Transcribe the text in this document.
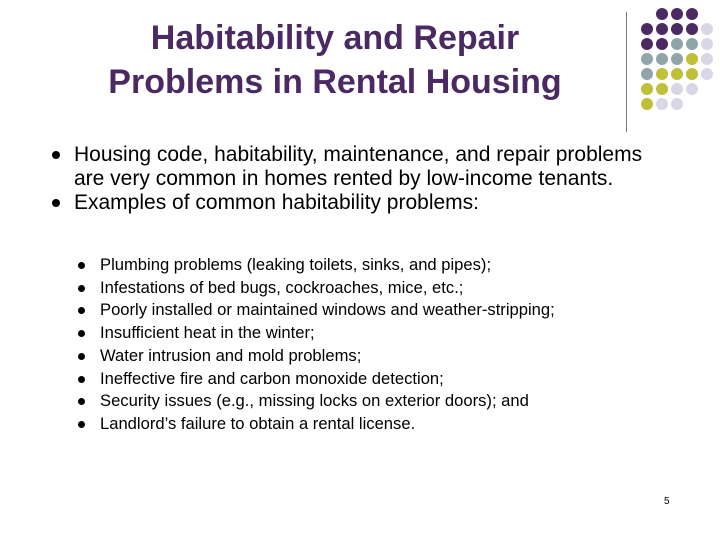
Habitability and Repair
Problems in Rental Housing
Housing code, habitability, maintenance, and repair problems are very common in homes rented by low-income tenants.
Examples of common habitability problems:
Plumbing problems (leaking toilets, sinks, and pipes);
Infestations of bed bugs, cockroaches, mice, etc.;
Poorly installed or maintained windows and weather-stripping;
Insufficient heat in the winter;
Water intrusion and mold problems;
Ineffective fire and carbon monoxide detection;
Security issues (e.g., missing locks on exterior doors); and
Landlord’s failure to obtain a rental license.
5
